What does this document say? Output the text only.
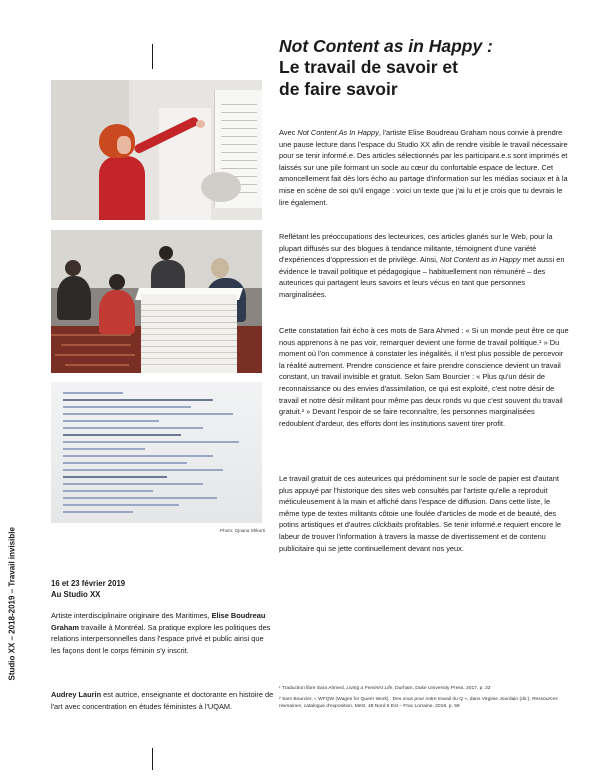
Photo: Gjoana Shkurti
Studio XX – 2018-2019 – Travail invisible	16 et 23 février 2019
Au Studio XX

Artiste interdisciplinaire originaire des Maritimes, Elise Boudreau Graham travaille à Montréal. Sa pratique explore les politiques des relations interpersonnelles dans l'espace privé et public ainsi que les façons dont le corps féminin s'y inscrit.

Audrey Laurin est autrice, enseignante et doctorante en histoire de l'art avec concentration en études féministes à l'UQAM.

Not Content as in Happy :
Le travail de savoir et
de faire savoir

Avec Not Content As In Happy, l'artiste Elise Boudreau Graham nous convie à prendre une pause lecture dans l'espace du Studio XX afin de rendre visible le travail nécessaire pour se tenir informé.e. Des articles sélectionnés par les participant.e.s sont imprimés et laissés sur une pile formant un socle au cœur du confortable espace de lecture. Cet amoncellement fait dès lors écho au partage d'information sur les médias sociaux et à la mise en scène de soi qu'il engage : voici un texte que j'ai lu et je crois que tu devrais le lire également.

Reflétant les préoccupations des lecteurices, ces articles glanés sur le Web, pour la plupart diffusés sur des blogues à tendance militante, témoignent d'une variété d'expériences d'oppression et de privilège. Ainsi, Not Content as in Happy met aussi en évidence le travail politique et pédagogique – habituellement non rémunéré – des auteurices qui partagent leurs savoirs et leurs vécus en tant que personnes marginalisées.

Cette constatation fait écho à ces mots de Sara Ahmed : « Si un monde peut être ce que nous apprenons à ne pas voir, remarquer devient une forme de travail politique.¹ » Du moment où l'on commence à constater les inégalités, il n'est plus possible de percevoir la réalité autrement. Prendre conscience et faire prendre conscience devient un travail constant, un travail invisible et gratuit. Selon Sam Bourcier : « Plus qu'un désir de reconnaissance ou des envies d'assimilation, ce qui est exploité, c'est notre désir de travail et notre désir militant pour même pas deux ronds vu que c'est souvent du travail gratuit.² » Devant l'espoir de se faire reconnaître, les personnes marginalisées redoublent d'ardeur, des efforts dont les institutions savent tirer profit.

Le travail gratuit de ces auteurices qui prédominent sur le socle de papier est d'autant plus appuyé par l'historique des sites web consultés par l'artiste qu'elle a reproduit méticuleusement à la main et affiché dans l'espace de diffusion. Dans cette liste, le même type de textes militants côtoie une foulée d'articles de mode et de beauté, des potins artistiques et d'autres clickbaits profitables. Se tenir informé.e requiert encore le labeur de trouver l'information à travers la masse de divertissement et de contenu publicitaire qui se jette continuellement devant nos yeux.

¹ Traduction libre Sara Ahmed, Living a Feminist Life, Durham, Duke University Press, 2017, p. 32

² Sam Bourcier, « WFQW (Wages for Queer Work) : Des sous pour notre travail du Q », dans Virginie Jourdain (dir.), Ressources Humaines, catalogue d'exposition, Metz, 49 Nord 6 Est – Frac Lorraine, 2018, p. 59
